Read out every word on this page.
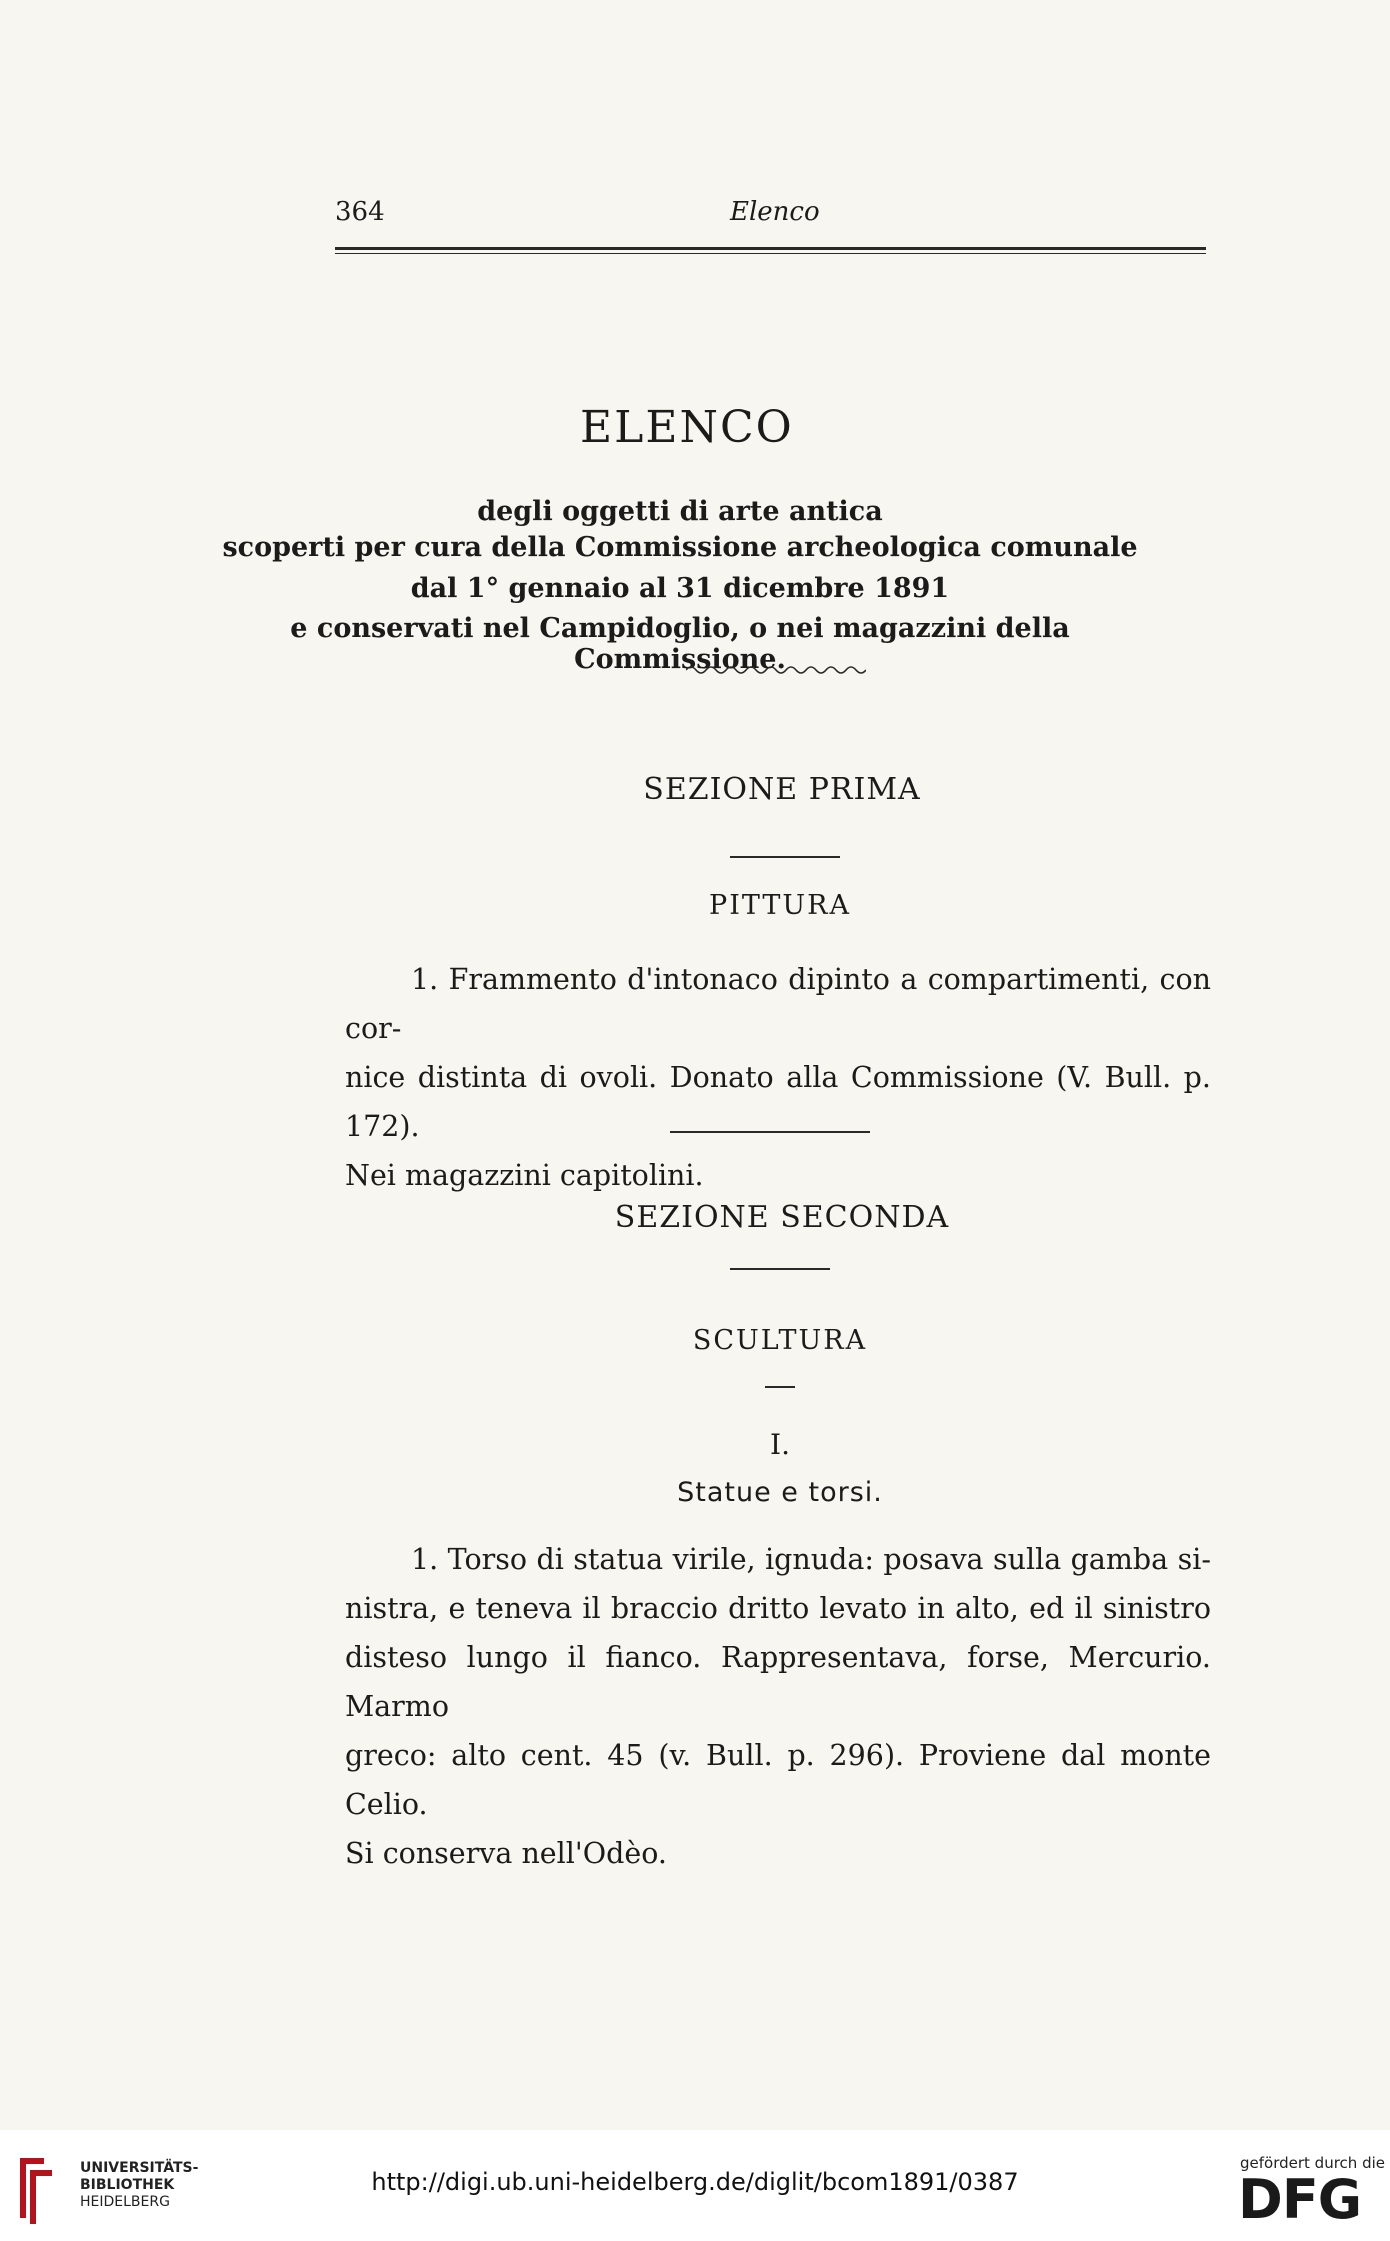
364	Elenco
ELENCO
degli oggetti di arte antica
scoperti per cura della Commissione archeologica comunale
dal 1° gennaio al 31 dicembre 1891
e conservati nel Campidoglio, o nei magazzini della Commissione.
SEZIONE PRIMA
PITTURA
1. Frammento d'intonaco dipinto a compartimenti, con cor-
nice distinta di ovoli. Donato alla Commissione (V. Bull. p. 172).
Nei magazzini capitolini.
SEZIONE SECONDA
SCULTURA
I.
Statue e torsi.
1. Torso di statua virile, ignuda: posava sulla gamba si-
nistra, e teneva il braccio dritto levato in alto, ed il sinistro
disteso lungo il fianco. Rappresentava, forse, Mercurio. Marmo
greco: alto cent. 45 (v. Bull. p. 296). Proviene dal monte Celio.
Si conserva nell'Odèo.
UNIVERSITÄTS-
BIBLIOTHEK
HEIDELBERG
http://digi.ub.uni-heidelberg.de/diglit/bcom1891/0387
gefördert durch die
DFG
